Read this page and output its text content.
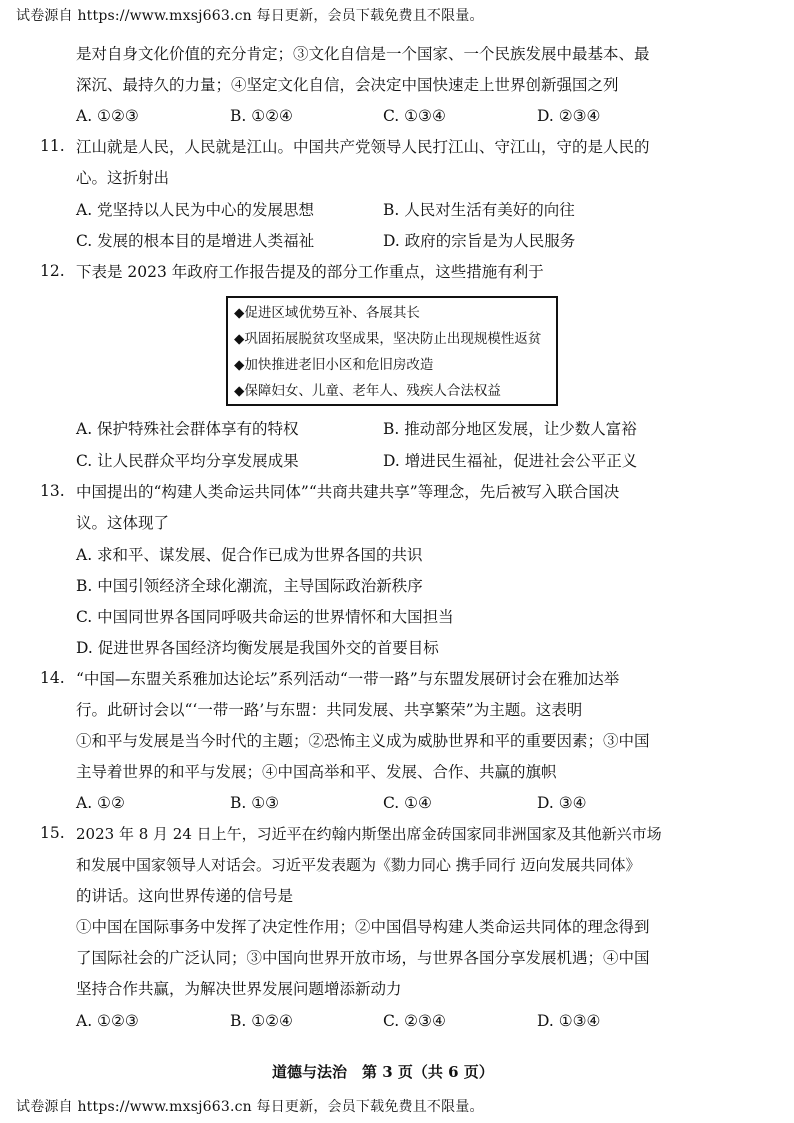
试卷源自 https://www.mxsj663.cn 每日更新，会员下载免费且不限量。
是对自身文化价值的充分肯定；③文化自信是一个国家、一个民族发展中最基本、最
深沉、最持久的力量；④坚定文化自信，会决定中国快速走上世界创新强国之列
A. ①②③	B. ①②④	C. ①③④	D. ②③④
11. 江山就是人民，人民就是江山。中国共产党领导人民打江山、守江山，守的是人民的
心。这折射出
A. 党坚持以人民为中心的发展思想	B. 人民对生活有美好的向往
C. 发展的根本目的是增进人类福祉	D. 政府的宗旨是为人民服务
12. 下表是 2023 年政府工作报告提及的部分工作重点，这些措施有利于
◆促进区域优势互补、各展其长
◆巩固拓展脱贫攻坚成果，坚决防止出现规模性返贫
◆加快推进老旧小区和危旧房改造
◆保障妇女、儿童、老年人、残疾人合法权益
A. 保护特殊社会群体享有的特权	B. 推动部分地区发展，让少数人富裕
C. 让人民群众平均分享发展成果	D. 增进民生福祉，促进社会公平正义
13. 中国提出的“构建人类命运共同体”“共商共建共享”等理念，先后被写入联合国决
议。这体现了
A. 求和平、谋发展、促合作已成为世界各国的共识
B. 中国引领经济全球化潮流，主导国际政治新秩序
C. 中国同世界各国同呼吸共命运的世界情怀和大国担当
D. 促进世界各国经济均衡发展是我国外交的首要目标
14. “中国—东盟关系雅加达论坛”系列活动“一带一路”与东盟发展研讨会在雅加达举
行。此研讨会以“‘一带一路’与东盟：共同发展、共享繁荣”为主题。这表明
①和平与发展是当今时代的主题；②恐怖主义成为威胁世界和平的重要因素；③中国
主导着世界的和平与发展；④中国高举和平、发展、合作、共赢的旗帜
A. ①②	B. ①③	C. ①④	D. ③④
15. 2023 年 8 月 24 日上午，习近平在约翰内斯堡出席金砖国家同非洲国家及其他新兴市场
和发展中国家领导人对话会。习近平发表题为《勠力同心 携手同行 迈向发展共同体》
的讲话。这向世界传递的信号是
①中国在国际事务中发挥了决定性作用；②中国倡导构建人类命运共同体的理念得到
了国际社会的广泛认同；③中国向世界开放市场，与世界各国分享发展机遇；④中国
坚持合作共赢，为解决世界发展问题增添新动力
A. ①②③	B. ①②④	C. ②③④	D. ①③④
道德与法治　第 3 页（共 6 页）
试卷源自 https://www.mxsj663.cn 每日更新，会员下载免费且不限量。
